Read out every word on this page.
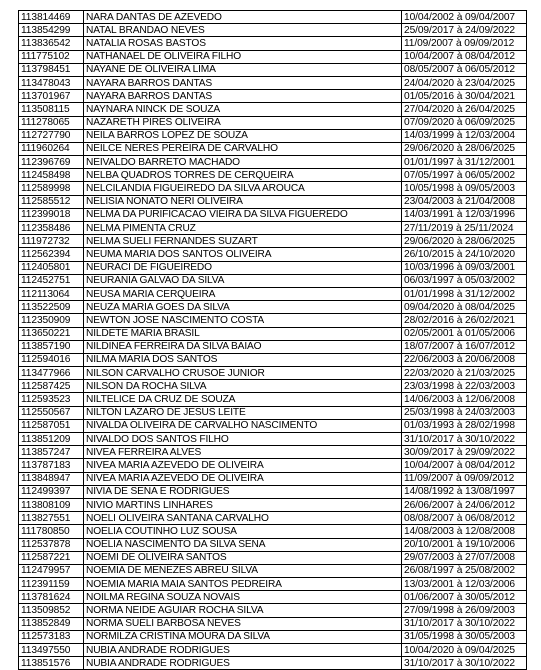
113814469	NARA DANTAS DE AZEVEDO	10/04/2002 à 09/04/2007
113854299	NATAL BRANDAO NEVES	25/09/2017 à 24/09/2022
113836542	NATALIA ROSAS BASTOS	11/09/2007 à 09/09/2012
111775102	NATHANAEL DE OLIVEIRA FILHO	10/04/2007 à 08/04/2012
113798451	NAYANE DE OLIVEIRA LIMA	08/05/2007 à 06/05/2012
113478043	NAYARA BARROS DANTAS	24/04/2020 à 23/04/2025
113701967	NAYARA BARROS DANTAS	01/05/2016 à 30/04/2021
113508115	NAYNARA NINCK DE SOUZA	27/04/2020 à 26/04/2025
111278065	NAZARETH PIRES OLIVEIRA	07/09/2020 à 06/09/2025
112727790	NEILA BARROS LOPEZ DE SOUZA	14/03/1999 à 12/03/2004
111960264	NEILCE NERES PEREIRA DE CARVALHO	29/06/2020 à 28/06/2025
112396769	NEIVALDO BARRETO MACHADO	01/01/1997 à 31/12/2001
112458498	NELBA QUADROS TORRES DE CERQUEIRA	07/05/1997 à 06/05/2002
112589998	NELCILANDIA FIGUEIREDO DA SILVA AROUCA	10/05/1998 à 09/05/2003
112585512	NELISIA NONATO NERI OLIVEIRA	23/04/2003 à 21/04/2008
112399018	NELMA DA PURIFICACAO VIEIRA DA SILVA FIGUEREDO	14/03/1991 à 12/03/1996
112358486	NELMA PIMENTA CRUZ	27/11/2019 à 25/11/2024
111972732	NELMA SUELI FERNANDES SUZART	29/06/2020 à 28/06/2025
112562394	NEUMA MARIA DOS SANTOS OLIVEIRA	26/10/2015 à 24/10/2020
112405801	NEURACI DE FIGUEIREDO	10/03/1996 à 09/03/2001
112452751	NEURANIA GALVAO DA SILVA	06/03/1997 à 05/03/2002
112113064	NEUSA MARIA CERQUEIRA	01/01/1998 à 31/12/2002
113522509	NEUZA MARIA GOES DA SILVA	09/04/2020 à 08/04/2025
112350909	NEWTON JOSE NASCIMENTO COSTA	28/02/2016 à 26/02/2021
113650221	NILDETE MARIA BRASIL	02/05/2001 à 01/05/2006
113857190	NILDINEA FERREIRA DA SILVA BAIAO	18/07/2007 à 16/07/2012
112594016	NILMA MARIA DOS SANTOS	22/06/2003 à 20/06/2008
113477966	NILSON CARVALHO CRUSOE JUNIOR	22/03/2020 à 21/03/2025
112587425	NILSON DA ROCHA SILVA	23/03/1998 à 22/03/2003
112593523	NILTELICE DA CRUZ DE SOUZA	14/06/2003 à 12/06/2008
112550567	NILTON LAZARO DE JESUS LEITE	25/03/1998 à 24/03/2003
112587051	NIVALDA OLIVEIRA DE CARVALHO NASCIMENTO	01/03/1993 à 28/02/1998
113851209	NIVALDO DOS SANTOS FILHO	31/10/2017 à 30/10/2022
113857247	NIVEA FERREIRA ALVES	30/09/2017 à 29/09/2022
113787183	NIVEA MARIA AZEVEDO DE OLIVEIRA	10/04/2007 à 08/04/2012
113848947	NIVEA MARIA AZEVEDO DE OLIVEIRA	11/09/2007 à 09/09/2012
112499397	NIVIA DE SENA E RODRIGUES	14/08/1992 à 13/08/1997
113808109	NIVIO MARTINS LINHARES	26/06/2007 à 24/06/2012
113827551	NOELI OLIVEIRA SANTANA CARVALHO	08/08/2007 à 06/08/2012
111780850	NOELIA COUTINHO LUZ SOUSA	14/08/2003 à 12/08/2008
112537878	NOELIA NASCIMENTO DA SILVA SENA	20/10/2001 à 19/10/2006
112587221	NOEMI DE OLIVEIRA SANTOS	29/07/2003 à 27/07/2008
112479957	NOEMIA DE MENEZES ABREU SILVA	26/08/1997 à 25/08/2002
112391159	NOEMIA MARIA MAIA SANTOS PEDREIRA	13/03/2001 à 12/03/2006
113781624	NOILMA REGINA SOUZA NOVAIS	01/06/2007 à 30/05/2012
113509852	NORMA NEIDE AGUIAR ROCHA SILVA	27/09/1998 à 26/09/2003
113852849	NORMA SUELI BARBOSA NEVES	31/10/2017 à 30/10/2022
112573183	NORMILZA CRISTINA MOURA DA SILVA	31/05/1998 à 30/05/2003
113497550	NUBIA ANDRADE RODRIGUES	10/04/2020 à 09/04/2025
113851576	NUBIA ANDRADE RODRIGUES	31/10/2017 à 30/10/2022
